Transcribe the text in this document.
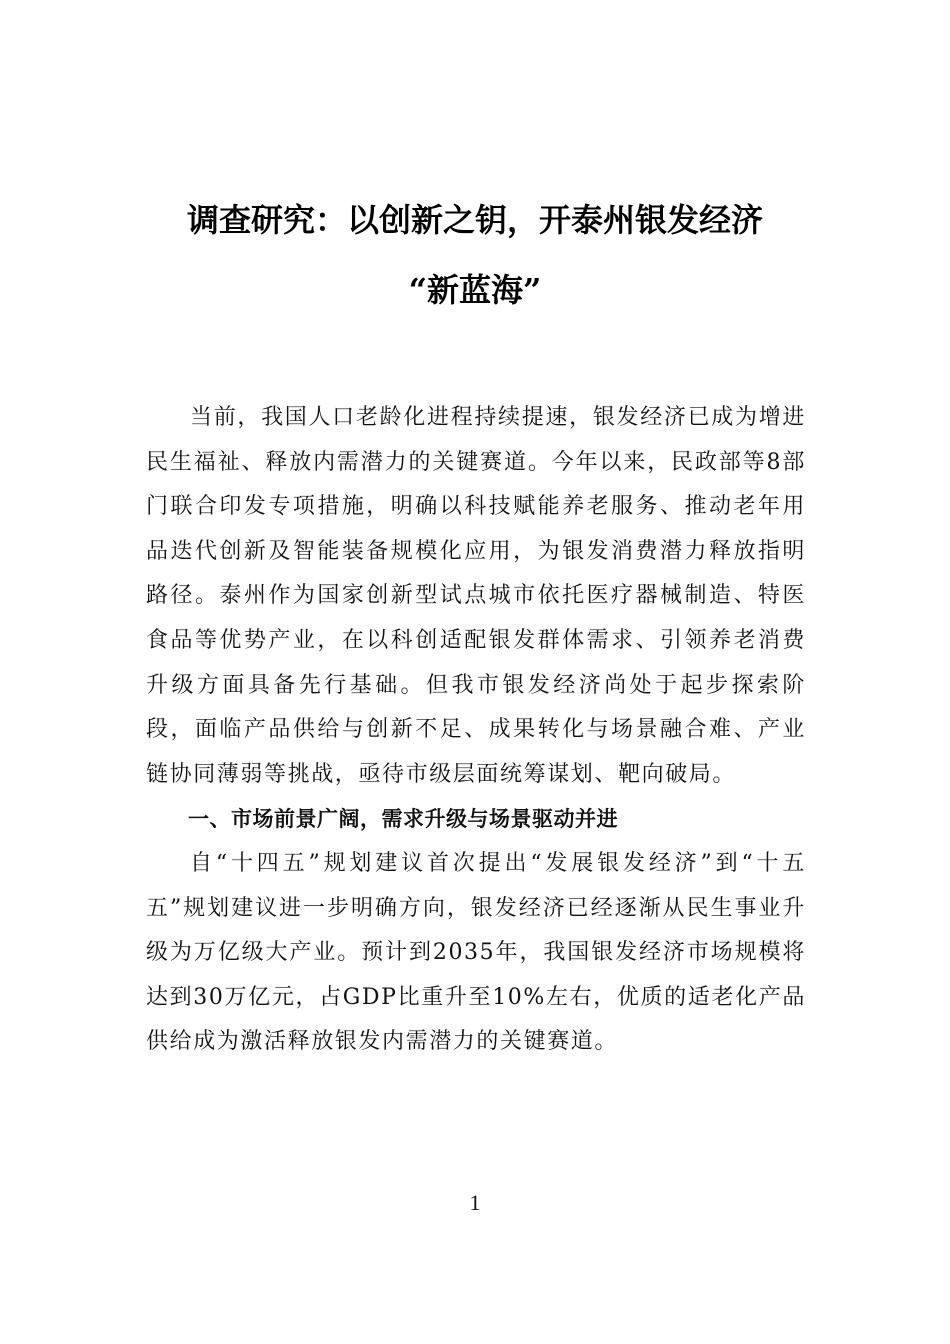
调查研究：以创新之钥，开泰州银发经济
“新蓝海”

当前，我国人口老龄化进程持续提速，银发经济已成为增进民生福祉、释放内需潜力的关键赛道。今年以来，民政部等8部门联合印发专项措施，明确以科技赋能养老服务、推动老年用品迭代创新及智能装备规模化应用，为银发消费潜力释放指明路径。泰州作为国家创新型试点城市依托医疗器械制造、特医食品等优势产业，在以科创适配银发群体需求、引领养老消费升级方面具备先行基础。但我市银发经济尚处于起步探索阶段，面临产品供给与创新不足、成果转化与场景融合难、产业链协同薄弱等挑战，亟待市级层面统筹谋划、靶向破局。

一、市场前景广阔，需求升级与场景驱动并进

自“十四五”规划建议首次提出“发展银发经济”到“十五五”规划建议进一步明确方向，银发经济已经逐渐从民生事业升级为万亿级大产业。预计到2035年，我国银发经济市场规模将达到30万亿元，占GDP比重升至10%左右，优质的适老化产品供给成为激活释放银发内需潜力的关键赛道。

1
